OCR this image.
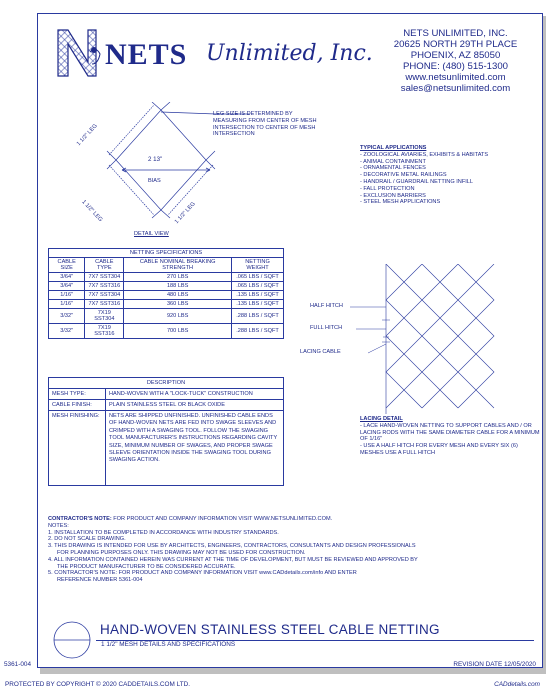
NETS Unlimited, Inc.
NETS UNLIMITED, INC.
20625 NORTH 29TH PLACE
PHOENIX, AZ 85050
PHONE: (480) 515-1300
www.netsunlimited.com
sales@netsunlimited.com
1 1/2" LEG
1 1/2" LEG	1 1/2" LEG
2 13"
BIAS
LEG SIZE IS DETERMINED BY MEASURING FROM CENTER OF MESH INTERSECTION TO CENTER OF MESH INTERSECTION
DETAIL VIEW
TYPICAL APPLICATIONS
- ZOOLOGICAL AVIARIES, EXHIBITS & HABITATS
- ANIMAL CONTAINMENT
- ORNAMENTAL FENCES
- DECORATIVE METAL RAILINGS
- HANDRAIL / GUARDRAIL NETTING INFILL
- FALL PROTECTION
- EXCLUSION BARRIERS
- STEEL MESH APPLICATIONS
NETTING SPECIFICATIONS			
CABLE SIZE	CABLE TYPE	CABLE NOMINAL BREAKING STRENGTH	NETTING WEIGHT
3/64"	7X7 SST304	270 LBS	.065 LBS / SQFT
3/64"	7X7 SST316	188 LBS	.065 LBS / SQFT
1/16"	7X7 SST304	480 LBS	.135 LBS / SQFT
1/16"	7X7 SST316	360 LBS	.135 LBS / SQFT
3/32"	7X19 SST304	920 LBS	.288 LBS / SQFT
3/32"	7X19 SST316	700 LBS	.288 LBS / SQFT
DESCRIPTION	
MESH TYPE:	HAND-WOVEN WITH A "LOCK-TUCK" CONSTRUCTION
CABLE FINISH:	PLAIN STAINLESS STEEL OR BLACK OXIDE
MESH FINISHING:	NETS ARE SHIPPED UNFINISHED. UNFINISHED CABLE ENDS OF HAND-WOVEN NETS ARE FED INTO SWAGE SLEEVES AND CRIMPED WITH A SWAGING TOOL. FOLLOW THE SWAGING TOOL MANUFACTURER'S INSTRUCTIONS REGARDING CAVITY SIZE, MINIMUM NUMBER OF SWAGES, AND PROPER SWAGE SLEEVE ORIENTATION INSIDE THE SWAGING TOOL DURING SWAGING ACTION.
HALF HITCH
FULL HITCH
LACING CABLE
LACING DETAIL
- LACE HAND-WOVEN NETTING TO SUPPORT CABLES AND / OR LACING RODS WITH THE SAME DIAMETER CABLE FOR A MINIMUM OF 1/16"
- USE A HALF HITCH FOR EVERY MESH AND EVERY SIX (6) MESHES USE A FULL HITCH
CONTRACTOR'S NOTE: FOR PRODUCT AND COMPANY INFORMATION VISIT WWW.NETSUNLIMITED.COM.
NOTES:
1. INSTALLATION TO BE COMPLETED IN ACCORDANCE WITH INDUSTRY STANDARDS.
2. DO NOT SCALE DRAWING.
3. THIS DRAWING IS INTENDED FOR USE BY ARCHITECTS, ENGINEERS, CONTRACTORS, CONSULTANTS AND DESIGN PROFESSIONALS
FOR PLANNING PURPOSES ONLY. THIS DRAWING MAY NOT BE USED FOR CONSTRUCTION.
4. ALL INFORMATION CONTAINED HEREIN WAS CURRENT AT THE TIME OF DEVELOPMENT, BUT MUST BE REVIEWED AND APPROVED BY
THE PRODUCT MANUFACTURER TO BE CONSIDERED ACCURATE.
5. CONTRACTOR'S NOTE: FOR PRODUCT AND COMPANY INFORMATION VISIT www.CADdetails.com/info AND ENTER
REFERENCE NUMBER 5361-004
HAND-WOVEN STAINLESS STEEL CABLE NETTING
1 1/2" MESH DETAILS AND SPECIFICATIONS
5361-004	REVISION DATE 12/05/2020
PROTECTED BY COPYRIGHT © 2020 CADDETAILS.COM LTD.	CADdetails.com
